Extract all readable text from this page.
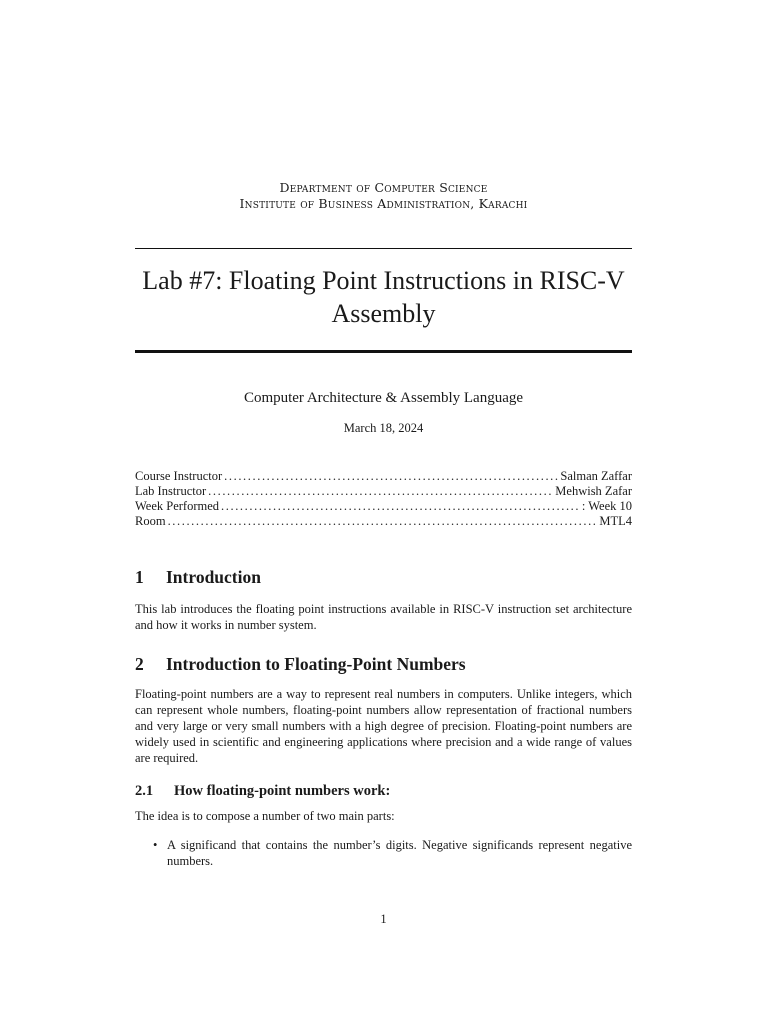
Department of Computer Science
Institute of Business Administration, Karachi
Lab #7: Floating Point Instructions in RISC-V Assembly
Computer Architecture & Assembly Language
March 18, 2024
Course Instructor .....	Salman Zaffar
Lab Instructor .....	Mehwish Zafar
Week Performed .....	: Week 10
Room .....	MTL4
1 Introduction

This lab introduces the floating point instructions available in RISC-V instruction set architecture and how it works in number system.

2 Introduction to Floating-Point Numbers

Floating-point numbers are a way to represent real numbers in computers. Unlike integers, which can represent whole numbers, floating-point numbers allow representation of fractional numbers and very large or very small numbers with a high degree of precision. Floating-point numbers are widely used in scientific and engineering applications where precision and a wide range of values are required.

2.1 How floating-point numbers work:

The idea is to compose a number of two main parts:

• A significand that contains the number’s digits. Negative significands represent negative numbers.
1
